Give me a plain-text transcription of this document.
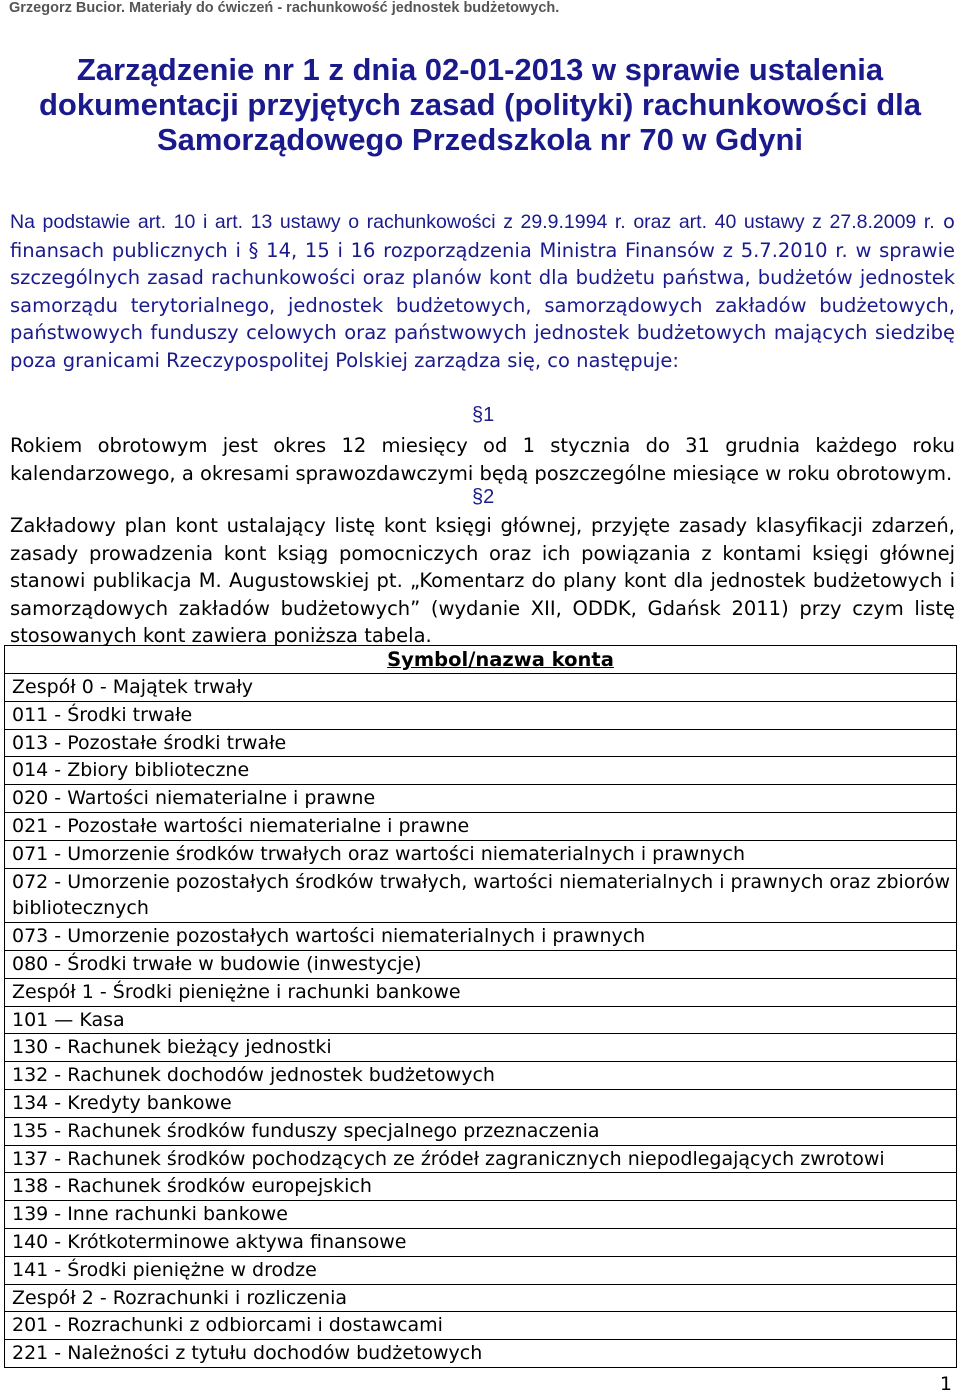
Grzegorz Bucior. Materiały do ćwiczeń - rachunkowość jednostek budżetowych.
Zarządzenie nr 1 z dnia 02-01-2013 w sprawie ustalenia
dokumentacji przyjętych zasad (polityki) rachunkowości dla
Samorządowego Przedszkola nr 70 w Gdyni
Na podstawie art. 10 i art. 13 ustawy o rachunkowości z 29.9.1994 r. oraz art. 40 ustawy z 27.8.2009 r. o finansach publicznych i § 14, 15 i 16 rozporządzenia Ministra Finansów z 5.7.2010 r. w sprawie szczególnych zasad rachunkowości oraz planów kont dla budżetu państwa, budżetów jednostek samorządu terytorialnego, jednostek budżetowych, samorządowych zakładów budżetowych, państwowych funduszy celowych oraz państwowych jednostek budżetowych mających siedzibę poza granicami Rzeczypospolitej Polskiej zarządza się, co następuje:
§1
Rokiem obrotowym jest okres 12 miesięcy od 1 stycznia do 31 grudnia każdego roku kalendarzowego, a okresami sprawozdawczymi będą poszczególne miesiące w roku obrotowym.
§2
Zakładowy plan kont ustalający listę kont księgi głównej, przyjęte zasady klasyfikacji zdarzeń, zasady prowadzenia kont ksiąg pomocniczych oraz ich powiązania z kontami księgi głównej stanowi publikacja M. Augustowskiej pt. „Komentarz do plany kont dla jednostek budżetowych i samorządowych zakładów budżetowych” (wydanie XII, ODDK, Gdańsk 2011) przy czym listę stosowanych kont zawiera poniższa tabela.
Symbol/nazwa konta
Zespół 0 - Majątek trwały
011 - Środki trwałe
013 - Pozostałe środki trwałe
014 - Zbiory biblioteczne
020 - Wartości niematerialne i prawne
021 - Pozostałe wartości niematerialne i prawne
071 - Umorzenie środków trwałych oraz wartości niematerialnych i prawnych
072 - Umorzenie pozostałych środków trwałych, wartości niematerialnych i prawnych oraz zbiorów bibliotecznych
073 - Umorzenie pozostałych wartości niematerialnych i prawnych
080 - Środki trwałe w budowie (inwestycje)
Zespół 1 - Środki pieniężne i rachunki bankowe
101 — Kasa
130 - Rachunek bieżący jednostki
132 - Rachunek dochodów jednostek budżetowych
134 - Kredyty bankowe
135 - Rachunek środków funduszy specjalnego przeznaczenia
137 - Rachunek środków pochodzących ze źródeł zagranicznych niepodlegających zwrotowi
138 - Rachunek środków europejskich
139 - Inne rachunki bankowe
140 - Krótkoterminowe aktywa finansowe
141 - Środki pieniężne w drodze
Zespół 2 - Rozrachunki i rozliczenia
201 - Rozrachunki z odbiorcami i dostawcami
221 - Należności z tytułu dochodów budżetowych
1
